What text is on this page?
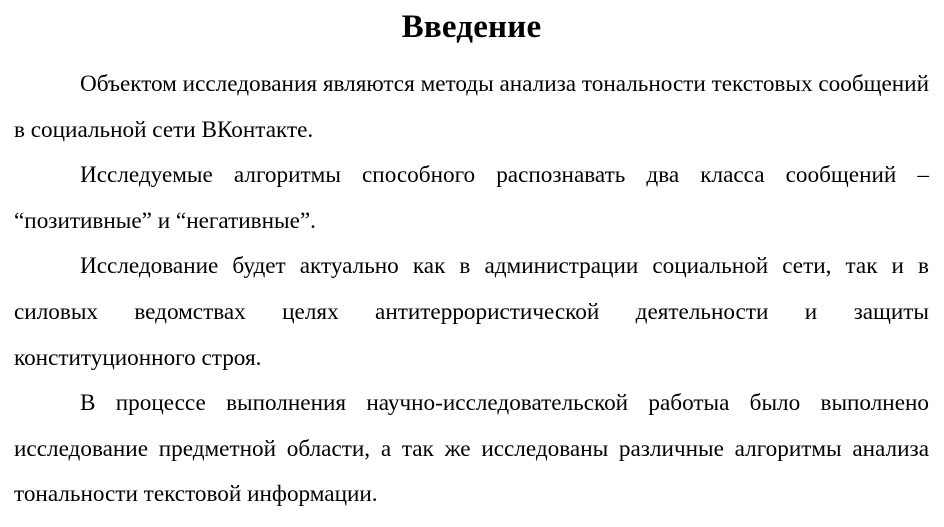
Введение

Объектом исследования являются методы анализа тональности текстовых сообщений в социальной сети ВКонтакте.

Исследуемые алгоритмы способного распознавать два класса сообщений – “позитивные” и “негативные”.

Исследование будет актуально как в администрации социальной сети, так и в силовых ведомствах целях антитеррористической деятельности и защиты конституционного строя.

В процессе выполнения научно-исследовательской работыа было выполнено исследование предметной области, а так же исследованы различные алгоритмы анализа тональности текстовой информации.
